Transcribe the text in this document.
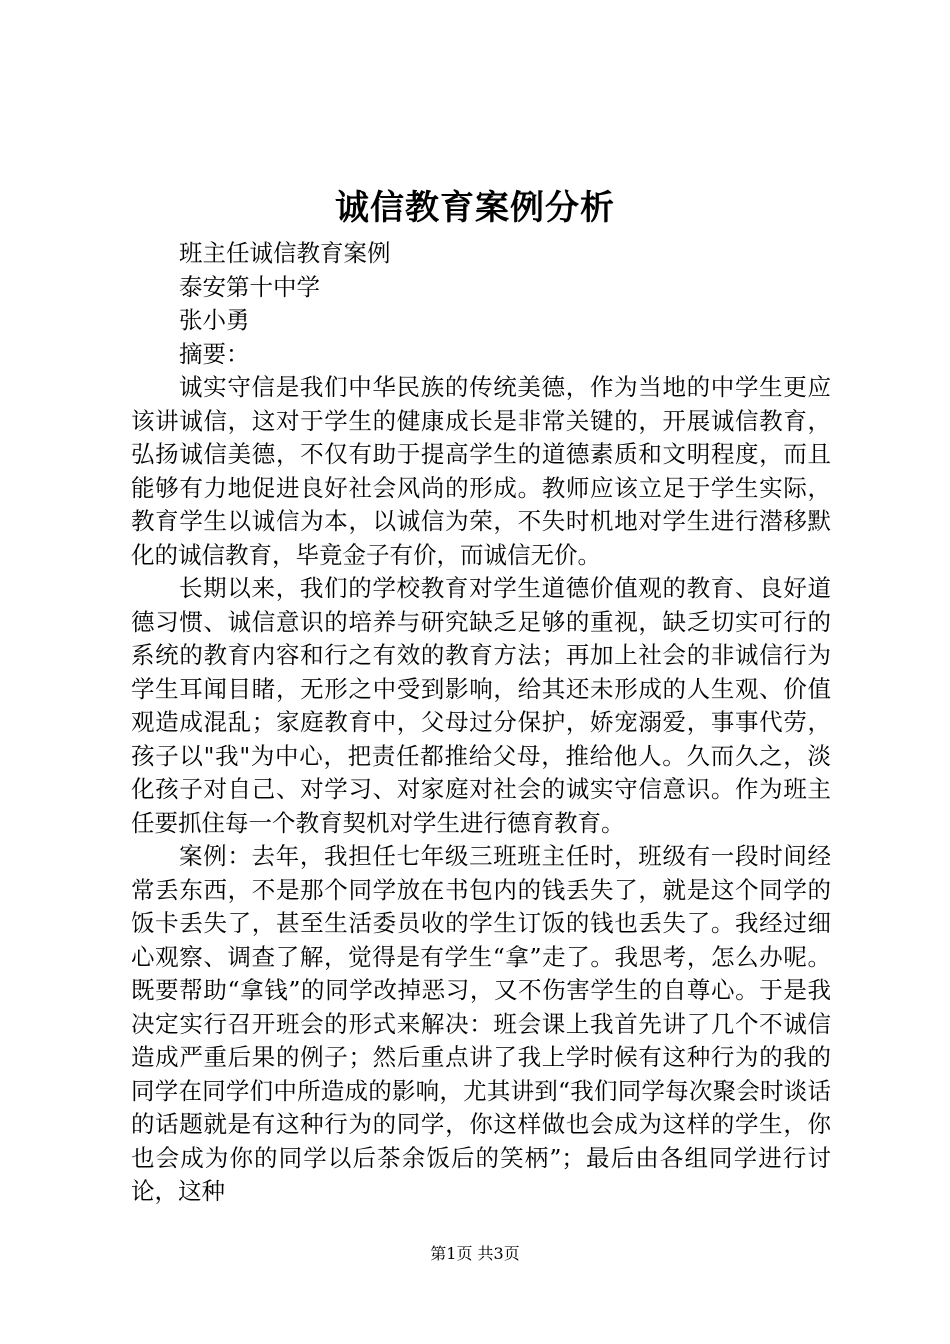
诚信教育案例分析

班主任诚信教育案例

泰安第十中学

张小勇

摘要：

诚实守信是我们中华民族的传统美德，作为当地的中学生更应该讲诚信，这对于学生的健康成长是非常关键的，开展诚信教育，弘扬诚信美德，不仅有助于提高学生的道德素质和文明程度，而且能够有力地促进良好社会风尚的形成。教师应该立足于学生实际，教育学生以诚信为本，以诚信为荣，不失时机地对学生进行潜移默化的诚信教育，毕竟金子有价，而诚信无价。

长期以来，我们的学校教育对学生道德价值观的教育、良好道德习惯、诚信意识的培养与研究缺乏足够的重视，缺乏切实可行的系统的教育内容和行之有效的教育方法；再加上社会的非诚信行为学生耳闻目睹，无形之中受到影响，给其还未形成的人生观、价值观造成混乱；家庭教育中，父母过分保护，娇宠溺爱，事事代劳，孩子以"我"为中心，把责任都推给父母，推给他人。久而久之，淡化孩子对自己、对学习、对家庭对社会的诚实守信意识。作为班主任要抓住每一个教育契机对学生进行德育教育。

案例：去年，我担任七年级三班班主任时，班级有一段时间经常丢东西，不是那个同学放在书包内的钱丢失了，就是这个同学的饭卡丢失了，甚至生活委员收的学生订饭的钱也丢失了。我经过细心观察、调查了解，觉得是有学生“拿”走了。我思考，怎么办呢。既要帮助“拿钱”的同学改掉恶习，又不伤害学生的自尊心。于是我决定实行召开班会的形式来解决：班会课上我首先讲了几个不诚信造成严重后果的例子；然后重点讲了我上学时候有这种行为的我的同学在同学们中所造成的影响，尤其讲到“我们同学每次聚会时谈话的话题就是有这种行为的同学，你这样做也会成为这样的学生，你也会成为你的同学以后茶余饭后的笑柄”；最后由各组同学进行讨论，这种

第1页 共3页
